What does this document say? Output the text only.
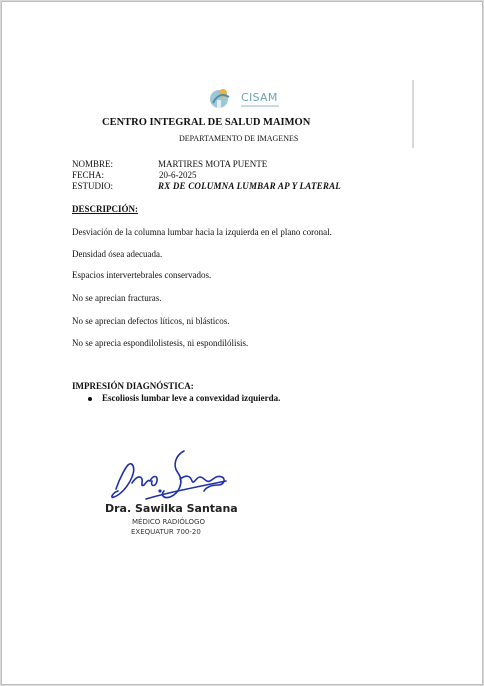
CISAM
CENTRO INTEGRAL DE SALUD MAIMON
DEPARTAMENTO DE IMAGENES
NOMBRE:	MARTIRES MOTA PUENTE
FECHA:	20-6-2025
ESTUDIO:	RX DE COLUMNA LUMBAR AP Y LATERAL
DESCRIPCIÓN:
Desviación de la columna lumbar hacia la izquierda en el plano coronal.
Densidad ósea adecuada.
Espacios intervertebrales conservados.
No se aprecian fracturas.
No se aprecian defectos líticos, ni blásticos.
No se aprecia espondilolistesis, ni espondilólisis.
IMPRESIÓN DIAGNÓSTICA:
Escoliosis lumbar leve a convexidad izquierda.
Dra. Sawilka Santana
MÉDICO RADIÓLOGO
EXEQUATUR 700-20
